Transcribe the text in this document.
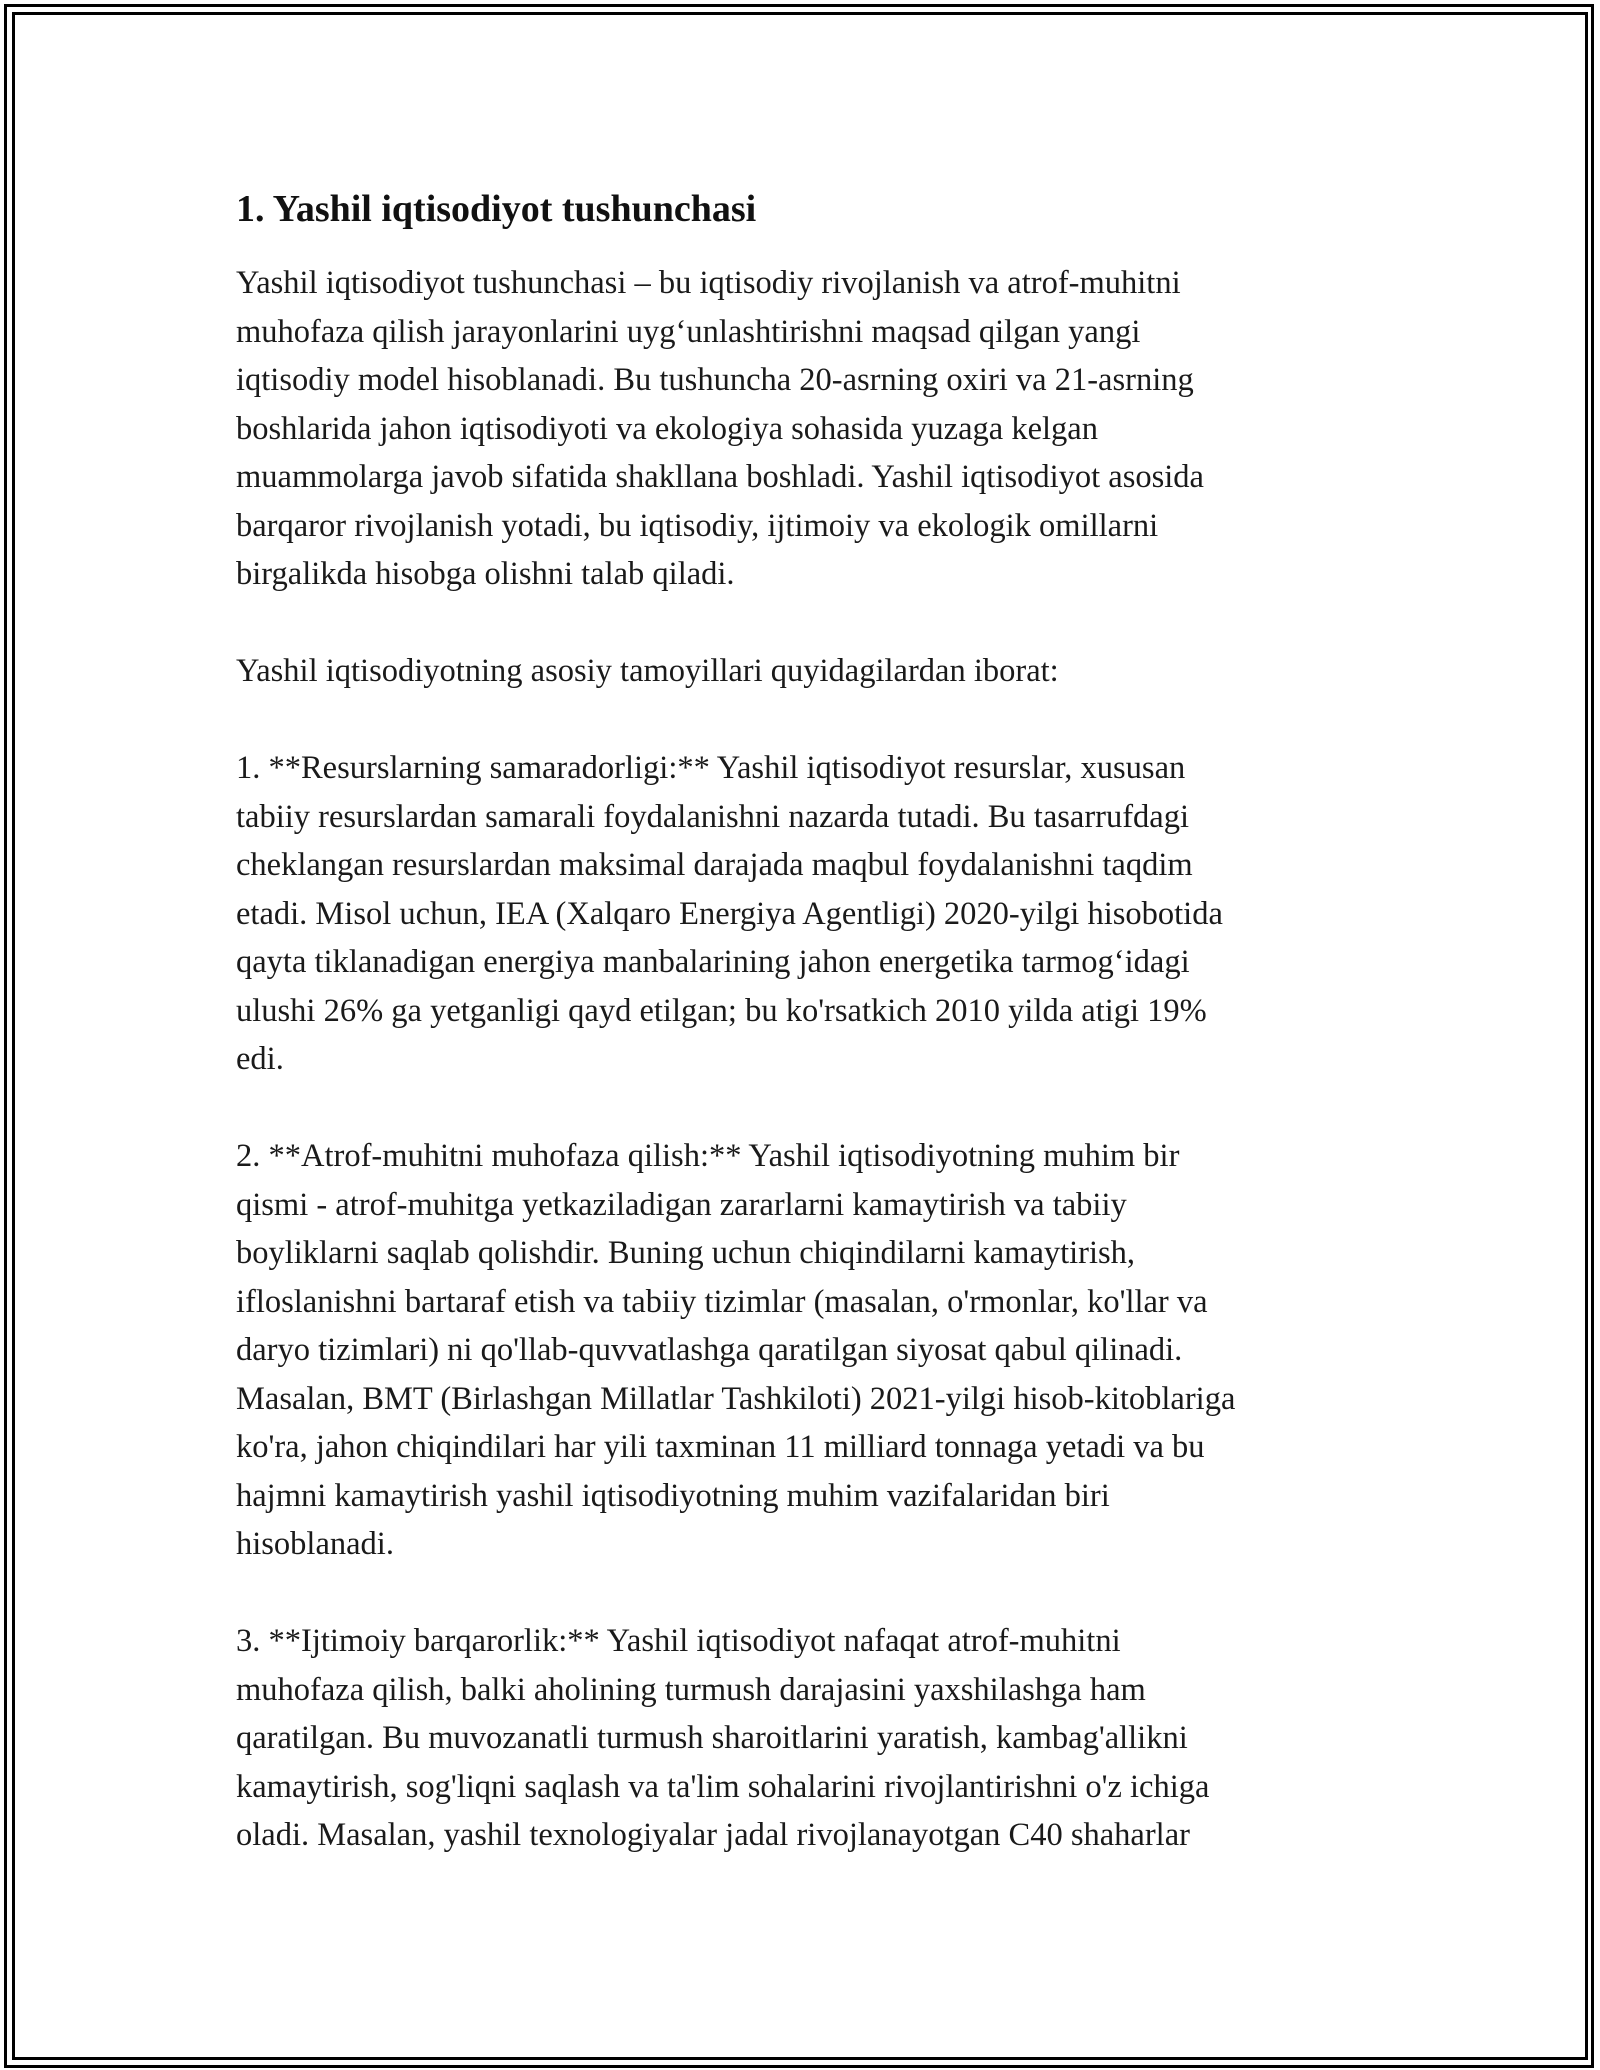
1. Yashil iqtisodiyot tushunchasi

Yashil iqtisodiyot tushunchasi – bu iqtisodiy rivojlanish va atrof-muhitni
muhofaza qilish jarayonlarini uyg‘unlashtirishni maqsad qilgan yangi
iqtisodiy model hisoblanadi. Bu tushuncha 20-asrning oxiri va 21-asrning
boshlarida jahon iqtisodiyoti va ekologiya sohasida yuzaga kelgan
muammolarga javob sifatida shakllana boshladi. Yashil iqtisodiyot asosida
barqaror rivojlanish yotadi, bu iqtisodiy, ijtimoiy va ekologik omillarni
birgalikda hisobga olishni talab qiladi.

Yashil iqtisodiyotning asosiy tamoyillari quyidagilardan iborat:

1. **Resurslarning samaradorligi:** Yashil iqtisodiyot resurslar, xususan
tabiiy resurslardan samarali foydalanishni nazarda tutadi. Bu tasarrufdagi
cheklangan resurslardan maksimal darajada maqbul foydalanishni taqdim
etadi. Misol uchun, IEA (Xalqaro Energiya Agentligi) 2020-yilgi hisobotida
qayta tiklanadigan energiya manbalarining jahon energetika tarmog‘idagi
ulushi 26% ga yetganligi qayd etilgan; bu ko'rsatkich 2010 yilda atigi 19%
edi.

2. **Atrof-muhitni muhofaza qilish:** Yashil iqtisodiyotning muhim bir
qismi - atrof-muhitga yetkaziladigan zararlarni kamaytirish va tabiiy
boyliklarni saqlab qolishdir. Buning uchun chiqindilarni kamaytirish,
ifloslanishni bartaraf etish va tabiiy tizimlar (masalan, o'rmonlar, ko'llar va
daryo tizimlari) ni qo'llab-quvvatlashga qaratilgan siyosat qabul qilinadi.
Masalan, BMT (Birlashgan Millatlar Tashkiloti) 2021-yilgi hisob-kitoblariga
ko'ra, jahon chiqindilari har yili taxminan 11 milliard tonnaga yetadi va bu
hajmni kamaytirish yashil iqtisodiyotning muhim vazifalaridan biri
hisoblanadi.

3. **Ijtimoiy barqarorlik:** Yashil iqtisodiyot nafaqat atrof-muhitni
muhofaza qilish, balki aholining turmush darajasini yaxshilashga ham
qaratilgan. Bu muvozanatli turmush sharoitlarini yaratish, kambag'allikni
kamaytirish, sog'liqni saqlash va ta'lim sohalarini rivojlantirishni o'z ichiga
oladi. Masalan, yashil texnologiyalar jadal rivojlanayotgan C40 shaharlar
